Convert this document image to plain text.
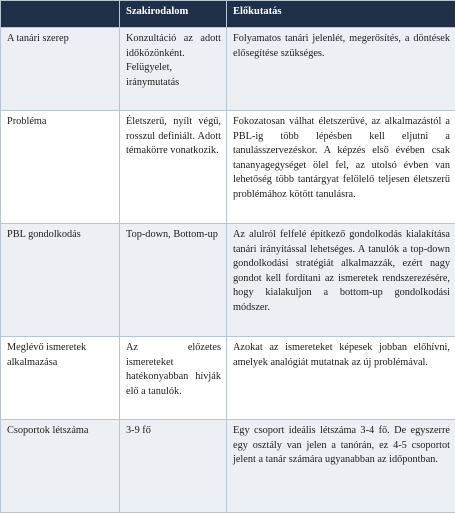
	Szakirodalom	Előkutatás
A tanári szerep	Konzultáció az adott időközönként. Felügyelet, iránymutatás	Folyamatos tanári jelenlét, megerősítés, a döntések elősegítése szükséges.
Probléma	Életszerű, nyílt végű, rosszul definiált. Adott témakörre vonatkozik.	Fokozatosan válhat életszerűvé, az alkalmazástól a PBL-ig több lépésben kell eljutni a tanulásszervezéskor. A képzés első évében csak tananyagegységet ölel fel, az utolsó évben van lehetőség több tantárgyat felölelő teljesen életszerű problémához kötött tanulásra.
PBL gondolkodás	Top-down, Bottom-up	Az alulról felfelé építkező gondolkodás kialakítása tanári irányítással lehetséges. A tanulók a top-down gondolkodási stratégiát alkalmazzák, ezért nagy gondot kell fordítani az ismeretek rendszerezésére, hogy kialakuljon a bottom-up gondolkodási módszer.
Meglévő ismeretek alkalmazása	Az előzetes ismereteket hatékonyabban hívják elő a tanulók.	Azokat az ismereteket képesek jobban előhívni, amelyek analógiát mutatnak az új problémával.
Csoportok létszáma	3-9 fő	Egy csoport ideális létszáma 3-4 fő. De egyszerre egy osztály van jelen a tanórán, ez 4-5 csoportot jelent a tanár számára ugyanabban az időpontban.
